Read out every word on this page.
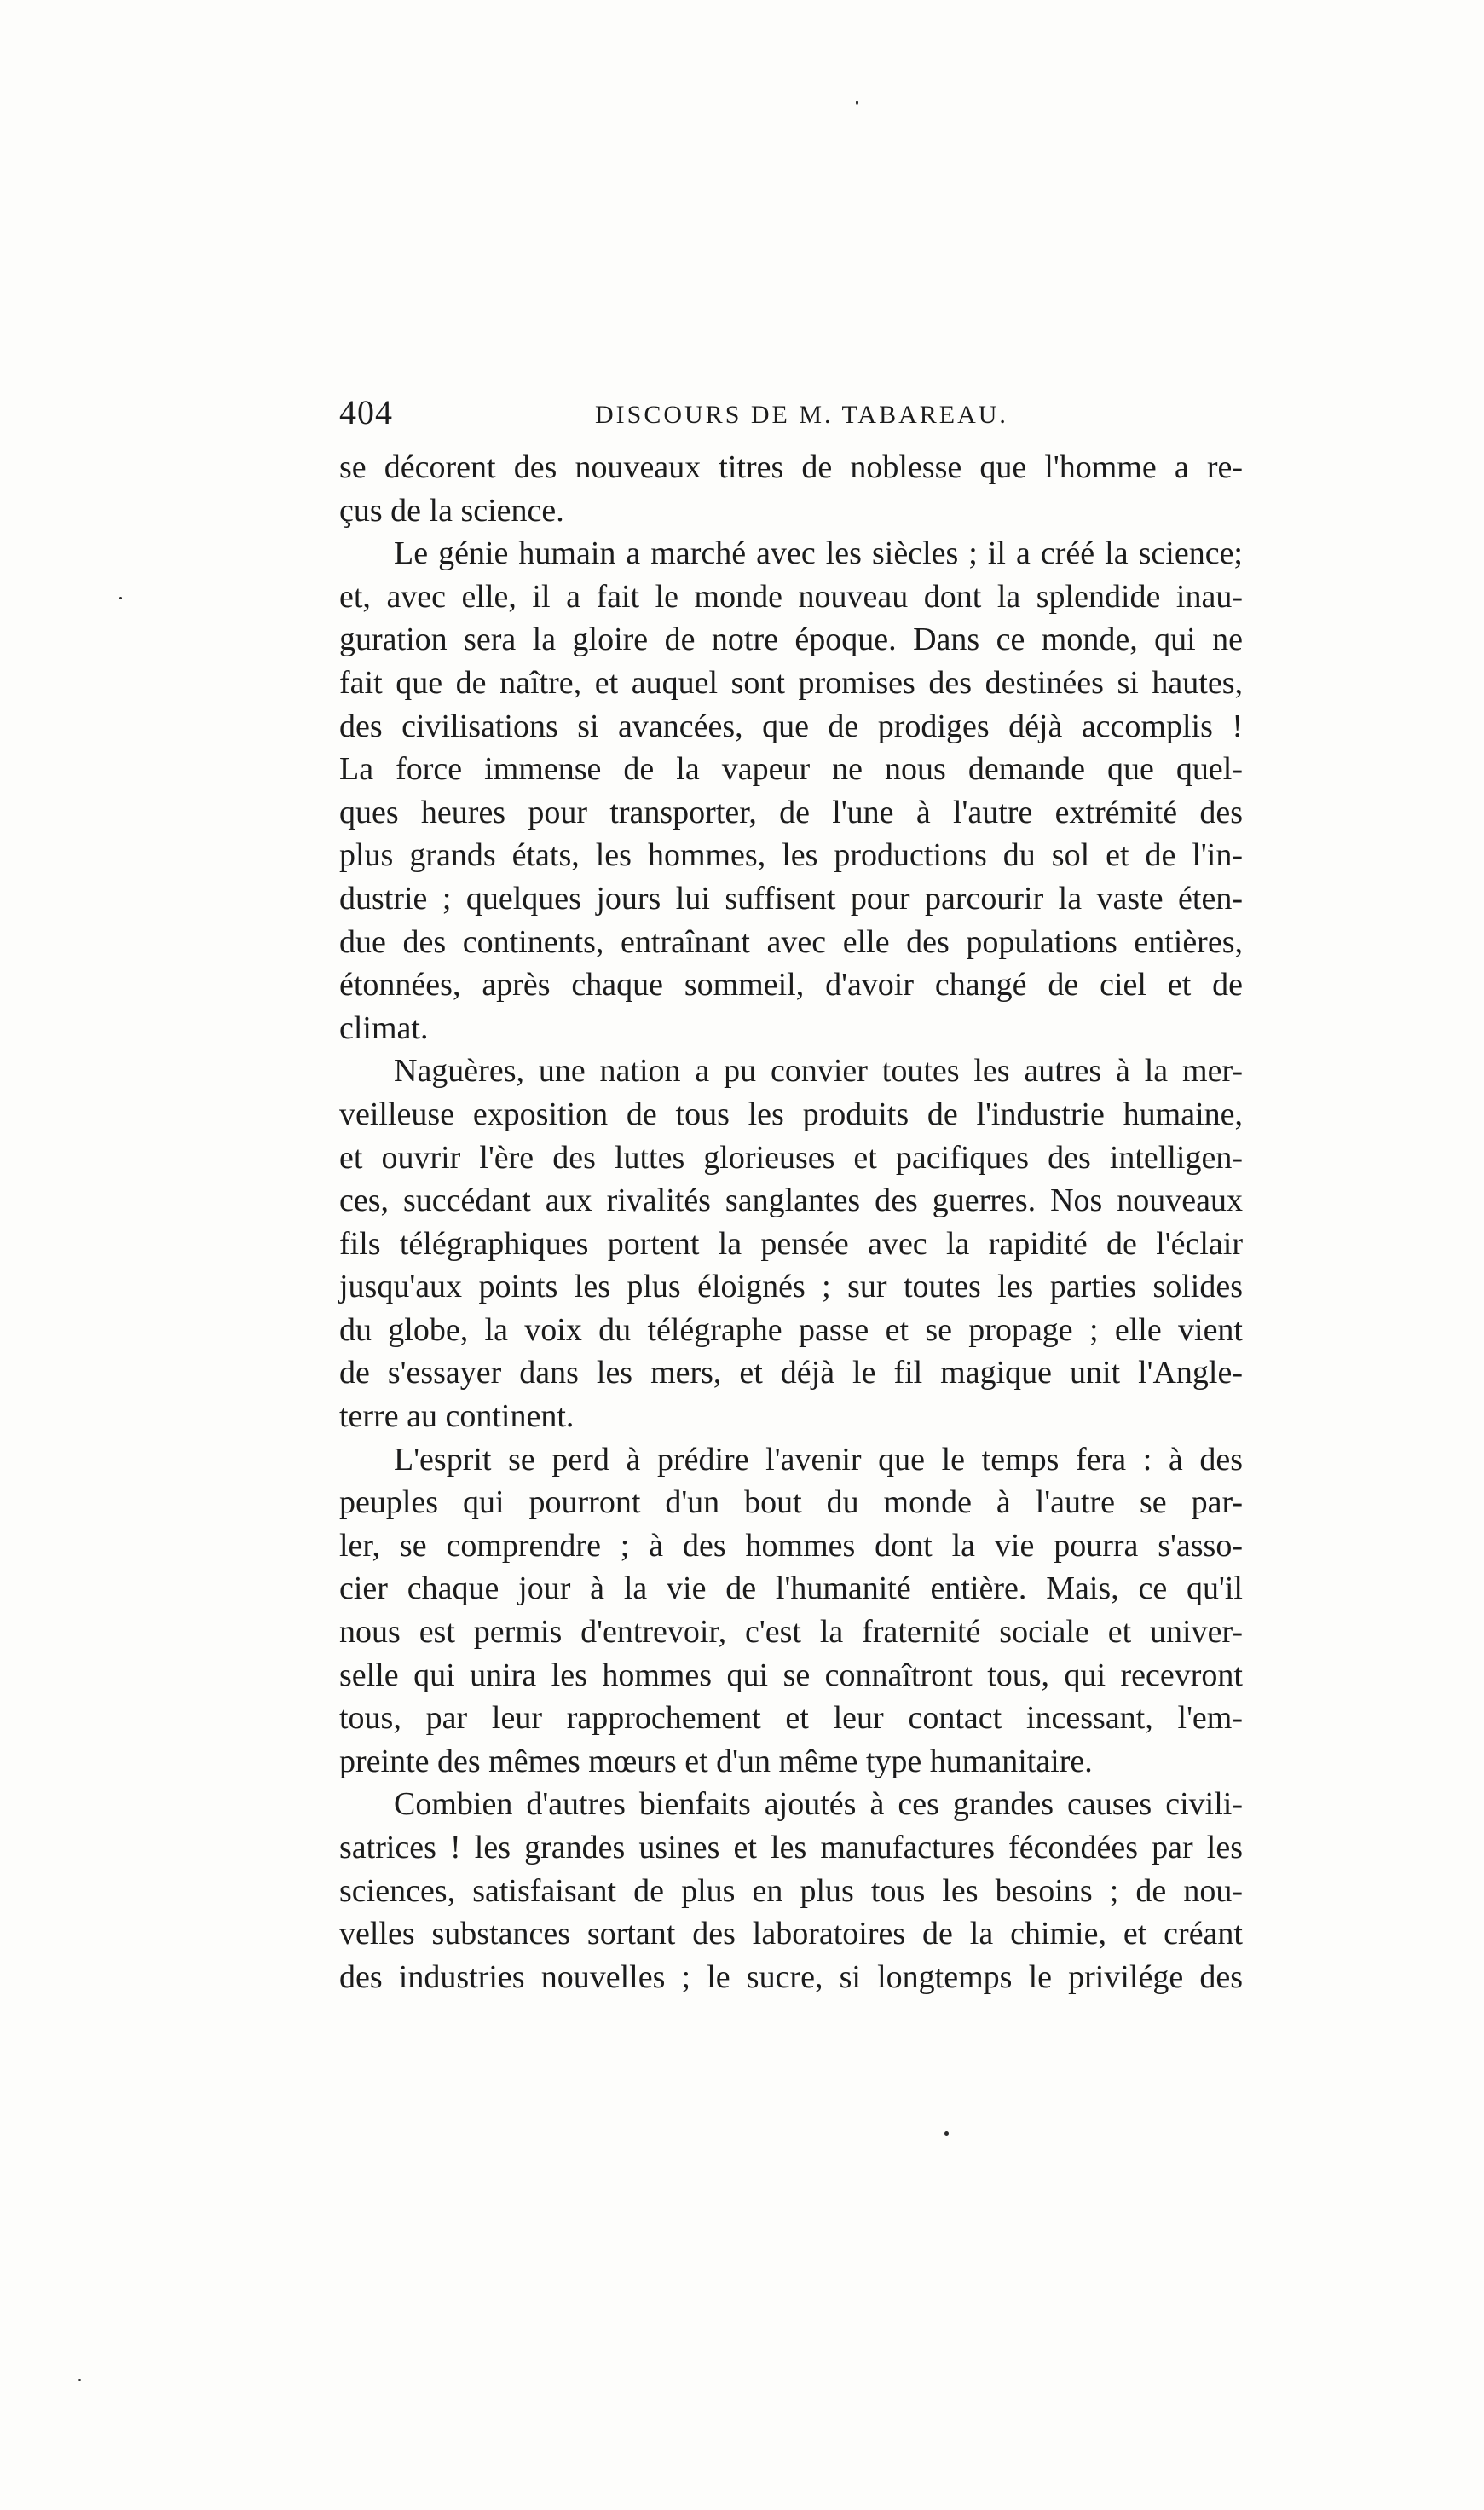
404	DISCOURS DE M. TABAREAU.
se décorent des nouveaux titres de noblesse que l'homme a re-
çus de la science.
Le génie humain a marché avec les siècles ; il a créé la science;
et, avec elle, il a fait le monde nouveau dont la splendide inau-
guration sera la gloire de notre époque. Dans ce monde, qui ne
fait que de naître, et auquel sont promises des destinées si hautes,
des civilisations si avancées, que de prodiges déjà accomplis !
La force immense de la vapeur ne nous demande que quel-
ques heures pour transporter, de l'une à l'autre extrémité des
plus grands états, les hommes, les productions du sol et de l'in-
dustrie ; quelques jours lui suffisent pour parcourir la vaste éten-
due des continents, entraînant avec elle des populations entières,
étonnées, après chaque sommeil, d'avoir changé de ciel et de
climat.
Naguères, une nation a pu convier toutes les autres à la mer-
veilleuse exposition de tous les produits de l'industrie humaine,
et ouvrir l'ère des luttes glorieuses et pacifiques des intelligen-
ces, succédant aux rivalités sanglantes des guerres. Nos nouveaux
fils télégraphiques portent la pensée avec la rapidité de l'éclair
jusqu'aux points les plus éloignés ; sur toutes les parties solides
du globe, la voix du télégraphe passe et se propage ; elle vient
de s'essayer dans les mers, et déjà le fil magique unit l'Angle-
terre au continent.
L'esprit se perd à prédire l'avenir que le temps fera : à des
peuples qui pourront d'un bout du monde à l'autre se par-
ler, se comprendre ; à des hommes dont la vie pourra s'asso-
cier chaque jour à la vie de l'humanité entière. Mais, ce qu'il
nous est permis d'entrevoir, c'est la fraternité sociale et univer-
selle qui unira les hommes qui se connaîtront tous, qui recevront
tous, par leur rapprochement et leur contact incessant, l'em-
preinte des mêmes mœurs et d'un même type humanitaire.
Combien d'autres bienfaits ajoutés à ces grandes causes civili-
satrices ! les grandes usines et les manufactures fécondées par les
sciences, satisfaisant de plus en plus tous les besoins ; de nou-
velles substances sortant des laboratoires de la chimie, et créant
des industries nouvelles ; le sucre, si longtemps le privilége des
